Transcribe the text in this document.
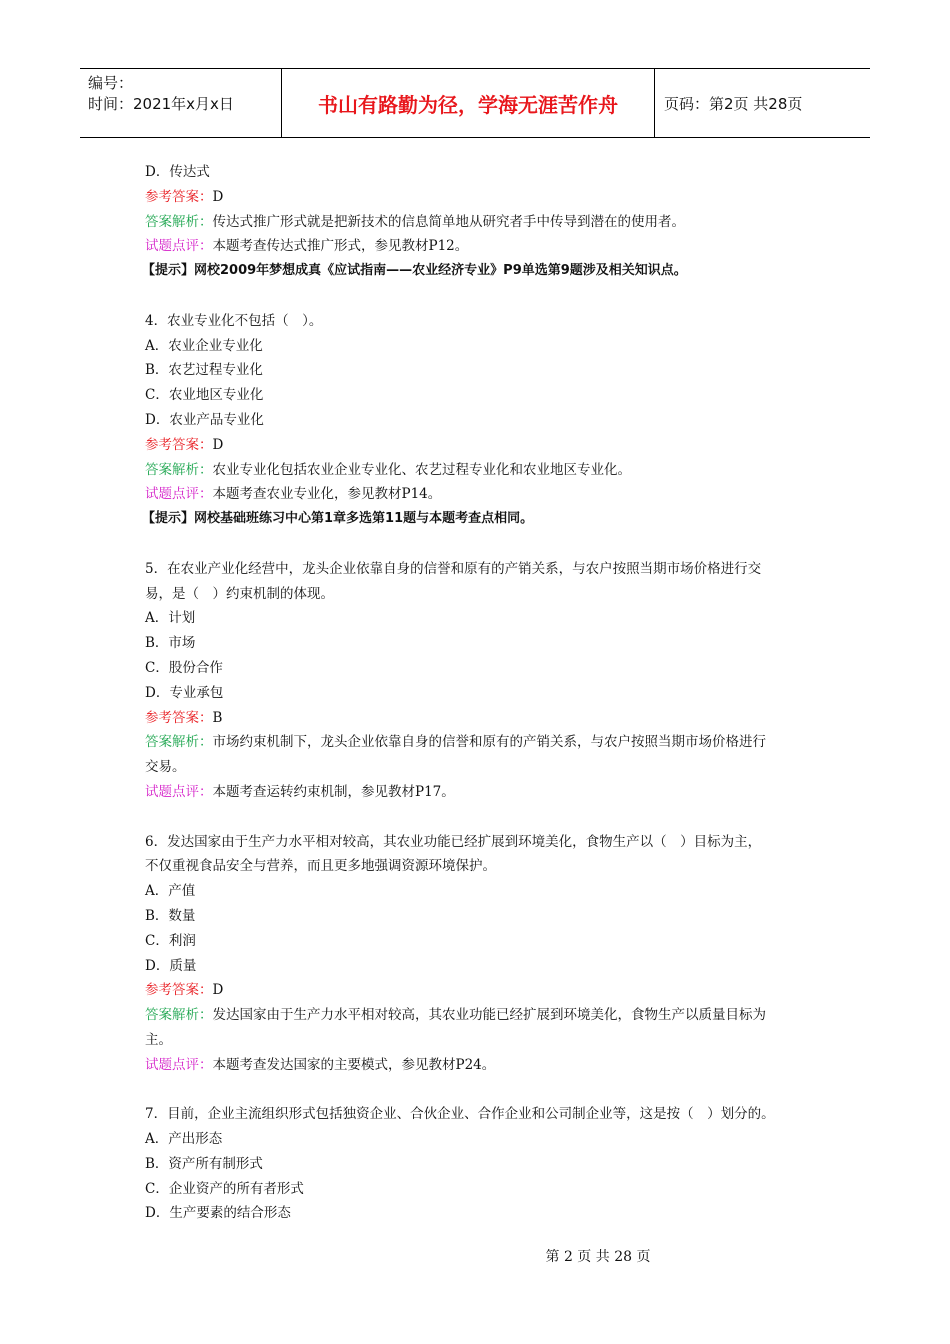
编号：
时间：2021年x月x日	书山有路勤为径，学海无涯苦作舟	页码：第2页 共28页
D．传达式
参考答案：D
答案解析：传达式推广形式就是把新技术的信息简单地从研究者手中传导到潜在的使用者。
试题点评：本题考查传达式推广形式，参见教材P12。
【提示】网校2009年梦想成真《应试指南——农业经济专业》P9单选第9题涉及相关知识点。
4．农业专业化不包括（　）。
A．农业企业专业化
B．农艺过程专业化
C．农业地区专业化
D．农业产品专业化
参考答案：D
答案解析：农业专业化包括农业企业专业化、农艺过程专业化和农业地区专业化。
试题点评：本题考查农业专业化，参见教材P14。
【提示】网校基础班练习中心第1章多选第11题与本题考查点相同。
5．在农业产业化经营中，龙头企业依靠自身的信誉和原有的产销关系，与农户按照当期市场价格进行交
易，是（　）约束机制的体现。
A．计划
B．市场
C．股份合作
D．专业承包
参考答案：B
答案解析：市场约束机制下，龙头企业依靠自身的信誉和原有的产销关系，与农户按照当期市场价格进行
交易。
试题点评：本题考查运转约束机制，参见教材P17。
6．发达国家由于生产力水平相对较高，其农业功能已经扩展到环境美化，食物生产以（　）目标为主，
不仅重视食品安全与营养，而且更多地强调资源环境保护。
A．产值
B．数量
C．利润
D．质量
参考答案：D
答案解析：发达国家由于生产力水平相对较高，其农业功能已经扩展到环境美化，食物生产以质量目标为
主。
试题点评：本题考查发达国家的主要模式，参见教材P24。
7．目前，企业主流组织形式包括独资企业、合伙企业、合作企业和公司制企业等，这是按（　）划分的。
A．产出形态
B．资产所有制形式
C．企业资产的所有者形式
D．生产要素的结合形态
第 2 页 共 28 页
